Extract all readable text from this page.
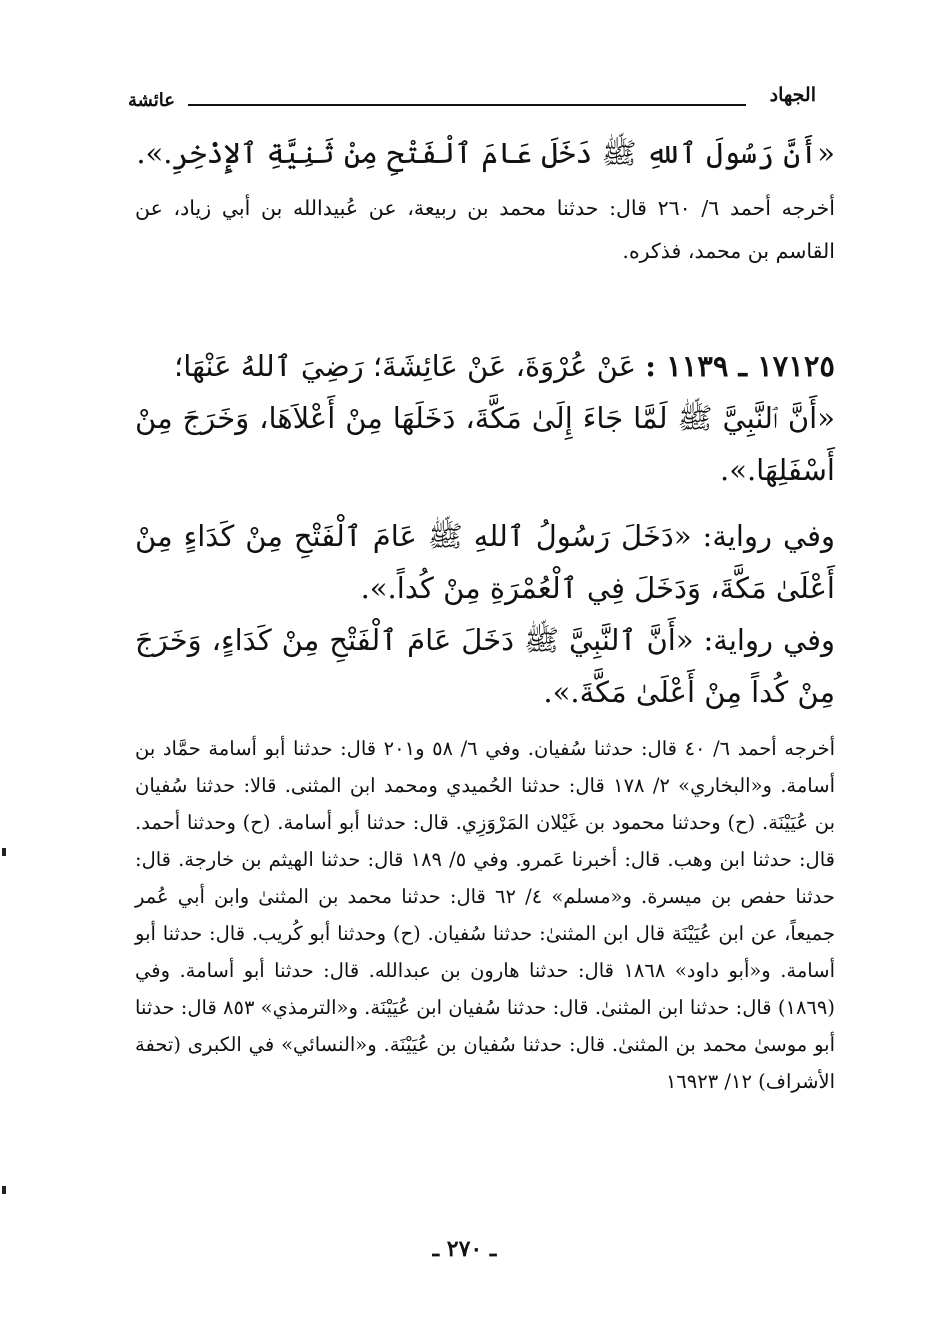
الجهاد
عائشة
«أَنَّ رَسُولَ ٱللهِ ﷺ دَخَلَ عَامَ ٱلْفَتْحِ مِنْ ثَنِيَّةِ ٱلإِذْخِرِ.».
أخرجه أحمد ٦/ ٢٦٠ قال: حدثنا محمد بن ربيعة، عن عُبيدالله بن أبي زياد، عن القاسم بن محمد، فذكره.
١٧١٢٥ ـ ١١٣٩ : عَنْ عُرْوَةَ، عَنْ عَائِشَةَ؛ رَضِيَ ٱللهُ عَنْهَا؛
«أَنَّ ٱلنَّبِيَّ ﷺ لَمَّا جَاءَ إِلَىٰ مَكَّةَ، دَخَلَهَا مِنْ أَعْلاَهَا، وَخَرَجَ مِنْ أَسْفَلِهَا.».
وفي رواية: «دَخَلَ رَسُولُ ٱللهِ ﷺ عَامَ ٱلْفَتْحِ مِنْ كَدَاءٍ مِنْ أَعْلَىٰ مَكَّةَ، وَدَخَلَ فِي ٱلْعُمْرَةِ مِنْ كُداً.».
وفي رواية: «أَنَّ ٱلنَّبِيَّ ﷺ دَخَلَ عَامَ ٱلْفَتْحِ مِنْ كَدَاءٍ، وَخَرَجَ مِنْ كُداً مِنْ أَعْلَىٰ مَكَّةَ.».
أخرجه أحمد ٦/ ٤٠ قال: حدثنا سُفيان. وفي ٦/ ٥٨ و٢٠١ قال: حدثنا أبو أسامة حمَّاد بن أسامة. و«البخاري» ٢/ ١٧٨ قال: حدثنا الحُميدي ومحمد ابن المثنى. قالا: حدثنا سُفيان بن عُيَيْنَة. (ح) وحدثنا محمود بن غَيْلان المَرْوَزِي. قال: حدثنا أبو أسامة. (ح) وحدثنا أحمد. قال: حدثنا ابن وهب. قال: أخبرنا عَمرو. وفي ٥/ ١٨٩ قال: حدثنا الهيثم بن خارجة. قال: حدثنا حفص بن ميسرة. و«مسلم» ٤/ ٦٢ قال: حدثنا محمد بن المثنىٰ وابن أبي عُمر جميعاً، عن ابن عُيَيْنَة قال ابن المثنىٰ: حدثنا سُفيان. (ح) وحدثنا أبو كُريب. قال: حدثنا أبو أسامة. و«أبو داود» ١٨٦٨ قال: حدثنا هارون بن عبدالله. قال: حدثنا أبو أسامة. وفي (١٨٦٩) قال: حدثنا ابن المثنىٰ. قال: حدثنا سُفيان ابن عُيَيْنَة. و«الترمذي» ٨٥٣ قال: حدثنا أبو موسىٰ محمد بن المثنىٰ. قال: حدثنا سُفيان بن عُيَيْنَة. و«النسائي» في الكبرى (تحفة الأشراف) ١٢/ ١٦٩٢٣
ـ ٢٧٠ ـ
